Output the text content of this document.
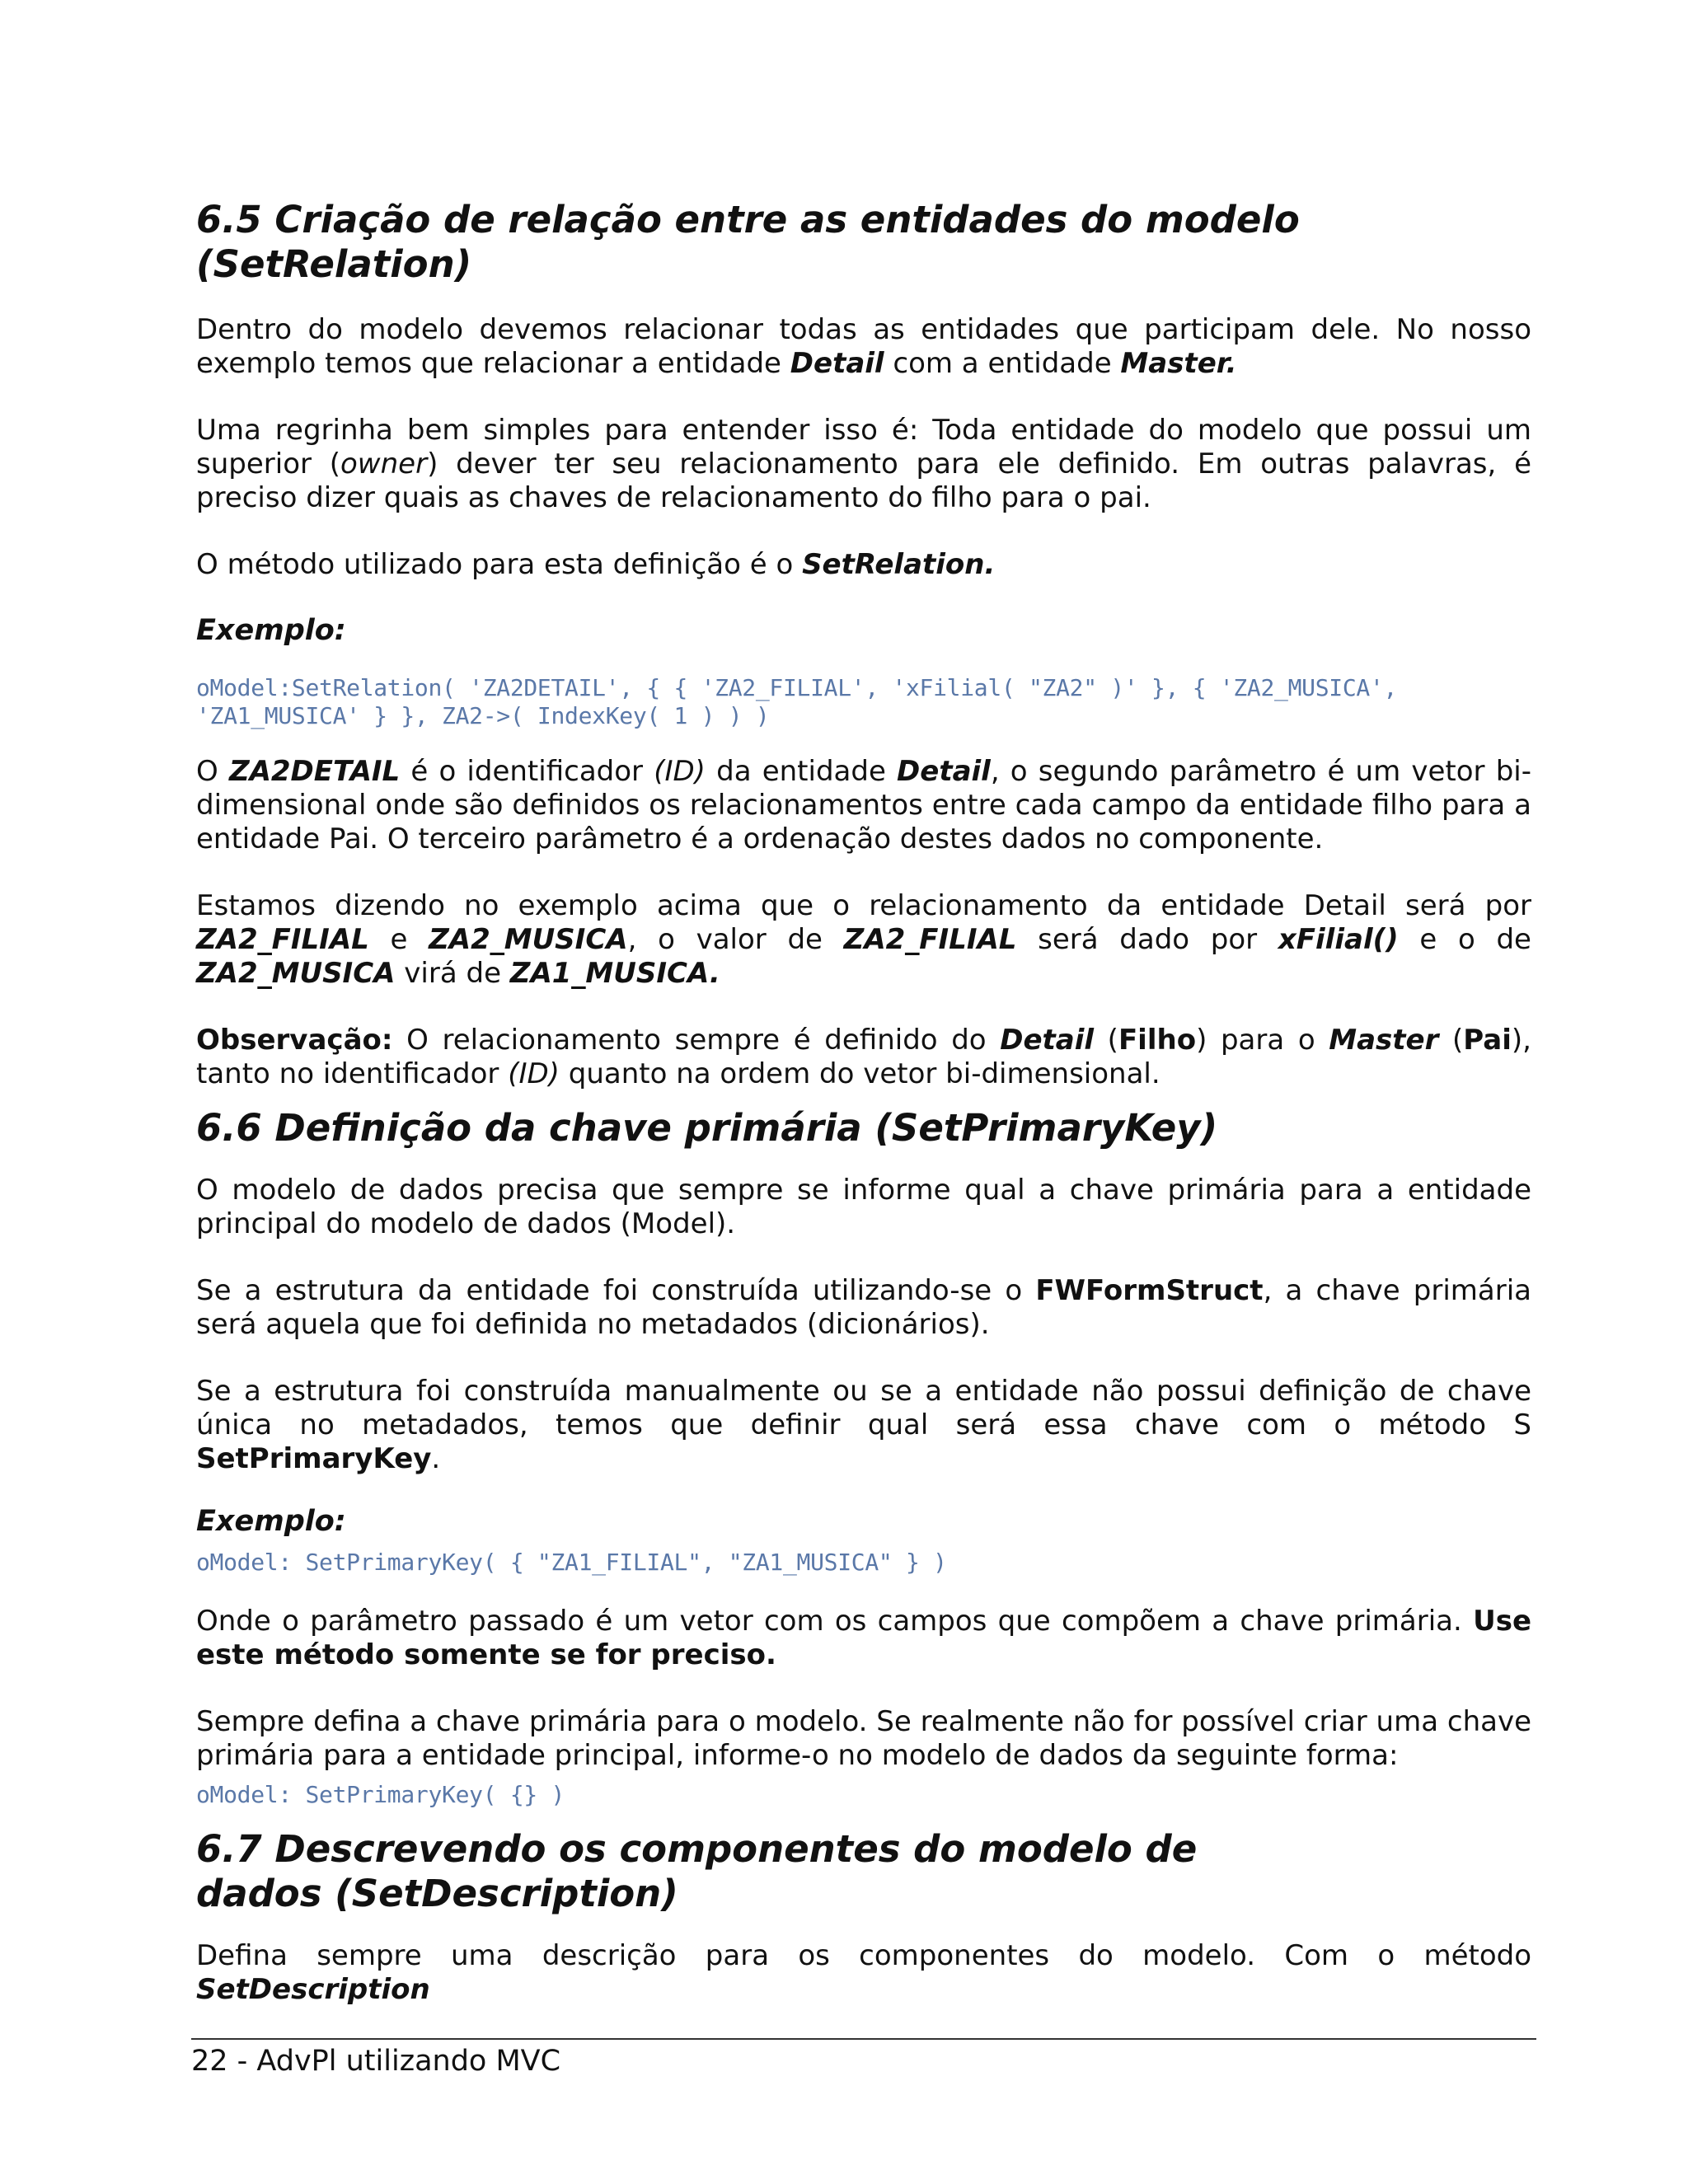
6.5 Criação de relação entre as entidades do modelo (SetRelation)

Dentro do modelo devemos relacionar todas as entidades que participam dele. No nosso exemplo temos que relacionar a entidade Detail com a entidade Master.

Uma regrinha bem simples para entender isso é: Toda entidade do modelo que possui um superior (owner) dever ter seu relacionamento para ele definido. Em outras palavras, é preciso dizer quais as chaves de relacionamento do filho para o pai.

O método utilizado para esta definição é o SetRelation.

Exemplo:
oModel:SetRelation( 'ZA2DETAIL', { { 'ZA2_FILIAL', 'xFilial( "ZA2" )' }, { 'ZA2_MUSICA', 'ZA1_MUSICA' } }, ZA2->( IndexKey( 1 ) ) )

O ZA2DETAIL é o identificador (ID) da entidade Detail, o segundo parâmetro é um vetor bi-dimensional onde são definidos os relacionamentos entre cada campo da entidade filho para a entidade Pai. O terceiro parâmetro é a ordenação destes dados no componente.

Estamos dizendo no exemplo acima que o relacionamento da entidade Detail será por ZA2_FILIAL e ZA2_MUSICA, o valor de ZA2_FILIAL será dado por xFilial() e o de ZA2_MUSICA virá de ZA1_MUSICA.

Observação: O relacionamento sempre é definido do Detail (Filho) para o Master (Pai), tanto no identificador (ID) quanto na ordem do vetor bi-dimensional.

6.6 Definição da chave primária (SetPrimaryKey)

O modelo de dados precisa que sempre se informe qual a chave primária para a entidade principal do modelo de dados (Model).

Se a estrutura da entidade foi construída utilizando-se o FWFormStruct, a chave primária será aquela que foi definida no metadados (dicionários).

Se a estrutura foi construída manualmente ou se a entidade não possui definição de chave única no metadados, temos que definir qual será essa chave com o método S SetPrimaryKey.

Exemplo:
oModel: SetPrimaryKey( { "ZA1_FILIAL", "ZA1_MUSICA" } )

Onde o parâmetro passado é um vetor com os campos que compõem a chave primária. Use este método somente se for preciso.

Sempre defina a chave primária para o modelo. Se realmente não for possível criar uma chave primária para a entidade principal, informe-o no modelo de dados da seguinte forma:

oModel: SetPrimaryKey( {} )
6.7 Descrevendo os componentes do modelo de dados (SetDescription)

Defina sempre uma descrição para os componentes do modelo. Com o método SetDescription

22 - AdvPl utilizando MVC
